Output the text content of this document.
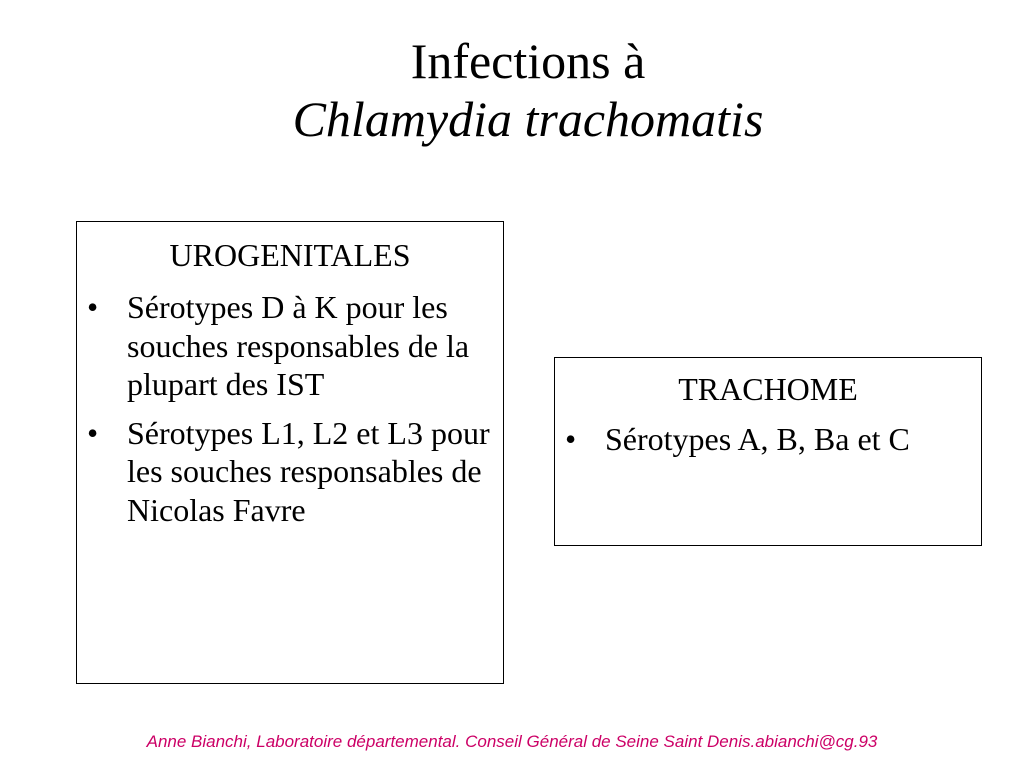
Infections à
Chlamydia trachomatis
UROGENITALES
• Sérotypes D à K pour les souches responsables de la plupart des IST
• Sérotypes L1, L2 et L3 pour les souches responsables de Nicolas Favre
TRACHOME
• Sérotypes A, B, Ba et C
Anne Bianchi, Laboratoire départemental. Conseil Général de Seine Saint Denis.abianchi@cg.93
